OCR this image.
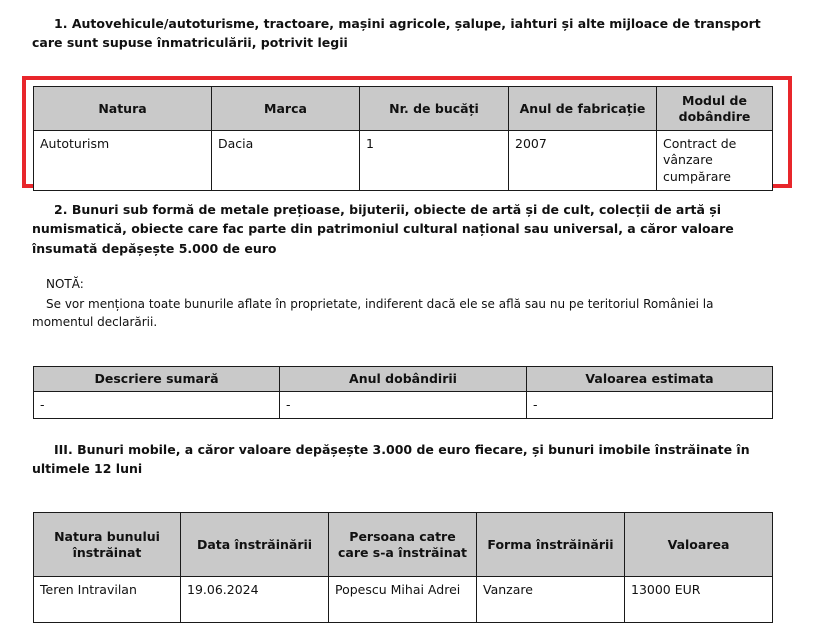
1. Autovehicule/autoturisme, tractoare, mașini agricole, șalupe, iahturi și alte mijloace de transport care sunt supuse înmatriculării, potrivit legii
Natura	Marca	Nr. de bucăți	Anul de fabricație	Modul de dobândire
Autoturism	Dacia	1	2007	Contract de vânzare cumpărare
2. Bunuri sub formă de metale prețioase, bijuterii, obiecte de artă și de cult, colecții de artă și numismatică, obiecte care fac parte din patrimoniul cultural național sau universal, a căror valoare însumată depășește 5.000 de euro
NOTĂ:
Se vor menționa toate bunurile aflate în proprietate, indiferent dacă ele se află sau nu pe teritoriul României la momentul declarării.
Descriere sumară	Anul dobândirii	Valoarea estimata
-	-	-
III. Bunuri mobile, a căror valoare depășește 3.000 de euro fiecare, și bunuri imobile înstrăinate în ultimele 12 luni
Natura bunului înstrăinat	Data înstrăinării	Persoana catre care s-a înstrăinat	Forma înstrăinării	Valoarea
Teren Intravilan	19.06.2024	Popescu Mihai Adrei	Vanzare	13000 EUR
